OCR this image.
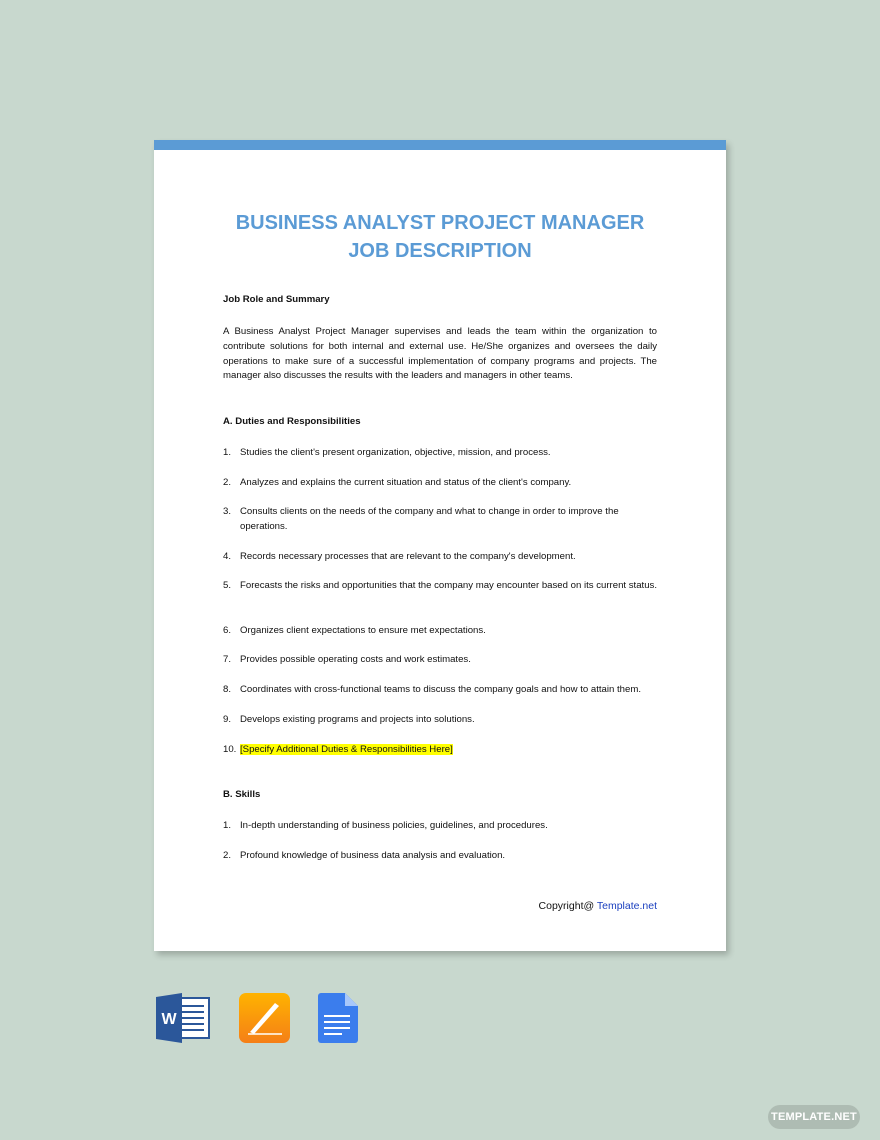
BUSINESS ANALYST PROJECT MANAGER
JOB DESCRIPTION
Job Role and Summary
A Business Analyst Project Manager supervises and leads the team within the organization to contribute solutions for both internal and external use. He/She organizes and oversees the daily operations to make sure of a successful implementation of company programs and projects. The manager also discusses the results with the leaders and managers in other teams.
A. Duties and Responsibilities
1. Studies the client's present organization, objective, mission, and process.
2. Analyzes and explains the current situation and status of the client's company.
3. Consults clients on the needs of the company and what to change in order to improve the operations.
4. Records necessary processes that are relevant to the company's development.
5. Forecasts the risks and opportunities that the company may encounter based on its current status.
6. Organizes client expectations to ensure met expectations.
7. Provides possible operating costs and work estimates.
8. Coordinates with cross-functional teams to discuss the company goals and how to attain them.
9. Develops existing programs and projects into solutions.
10. [Specify Additional Duties & Responsibilities Here]
B. Skills
1. In-depth understanding of business policies, guidelines, and procedures.
2. Profound knowledge of business data analysis and evaluation.
Copyright@ Template.net
W
TEMPLATE.NET
